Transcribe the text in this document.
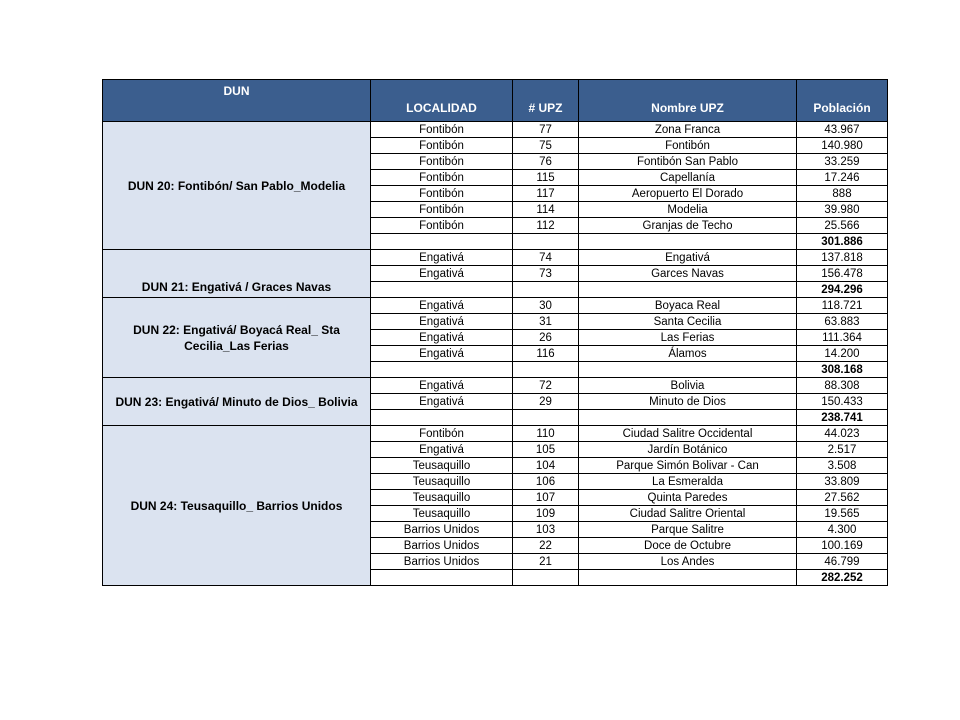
DUN	LOCALIDAD	# UPZ	Nombre UPZ	Población
DUN 20: Fontibón/ San Pablo_Modelia	Fontibón	77	Zona Franca	43.967
	Fontibón	75	Fontibón	140.980
	Fontibón	76	Fontibón San Pablo	33.259
	Fontibón	115	Capellanía	17.246
	Fontibón	117	Aeropuerto El Dorado	888
	Fontibón	114	Modelia	39.980
	Fontibón	112	Granjas de Techo	25.566
				301.886
DUN 21: Engativá / Graces Navas	Engativá	74	Engativá	137.818
	Engativá	73	Garces Navas	156.478
				294.296
DUN 22: Engativá/ Boyacá Real_ Sta Cecilia_Las Ferias	Engativá	30	Boyaca Real	118.721
	Engativá	31	Santa Cecilia	63.883
	Engativá	26	Las Ferias	111.364
	Engativá	116	Álamos	14.200
				308.168
DUN 23: Engativá/ Minuto de Dios_ Bolivia	Engativá	72	Bolivia	88.308
	Engativá	29	Minuto de Dios	150.433
				238.741
DUN 24: Teusaquillo_ Barrios Unidos	Fontibón	110	Ciudad Salitre Occidental	44.023
	Engativá	105	Jardín Botánico	2.517
	Teusaquillo	104	Parque Simón Bolivar - Can	3.508
	Teusaquillo	106	La Esmeralda	33.809
	Teusaquillo	107	Quinta Paredes	27.562
	Teusaquillo	109	Ciudad Salitre Oriental	19.565
	Barrios Unidos	103	Parque Salitre	4.300
	Barrios Unidos	22	Doce de Octubre	100.169
	Barrios Unidos	21	Los Andes	46.799
				282.252
